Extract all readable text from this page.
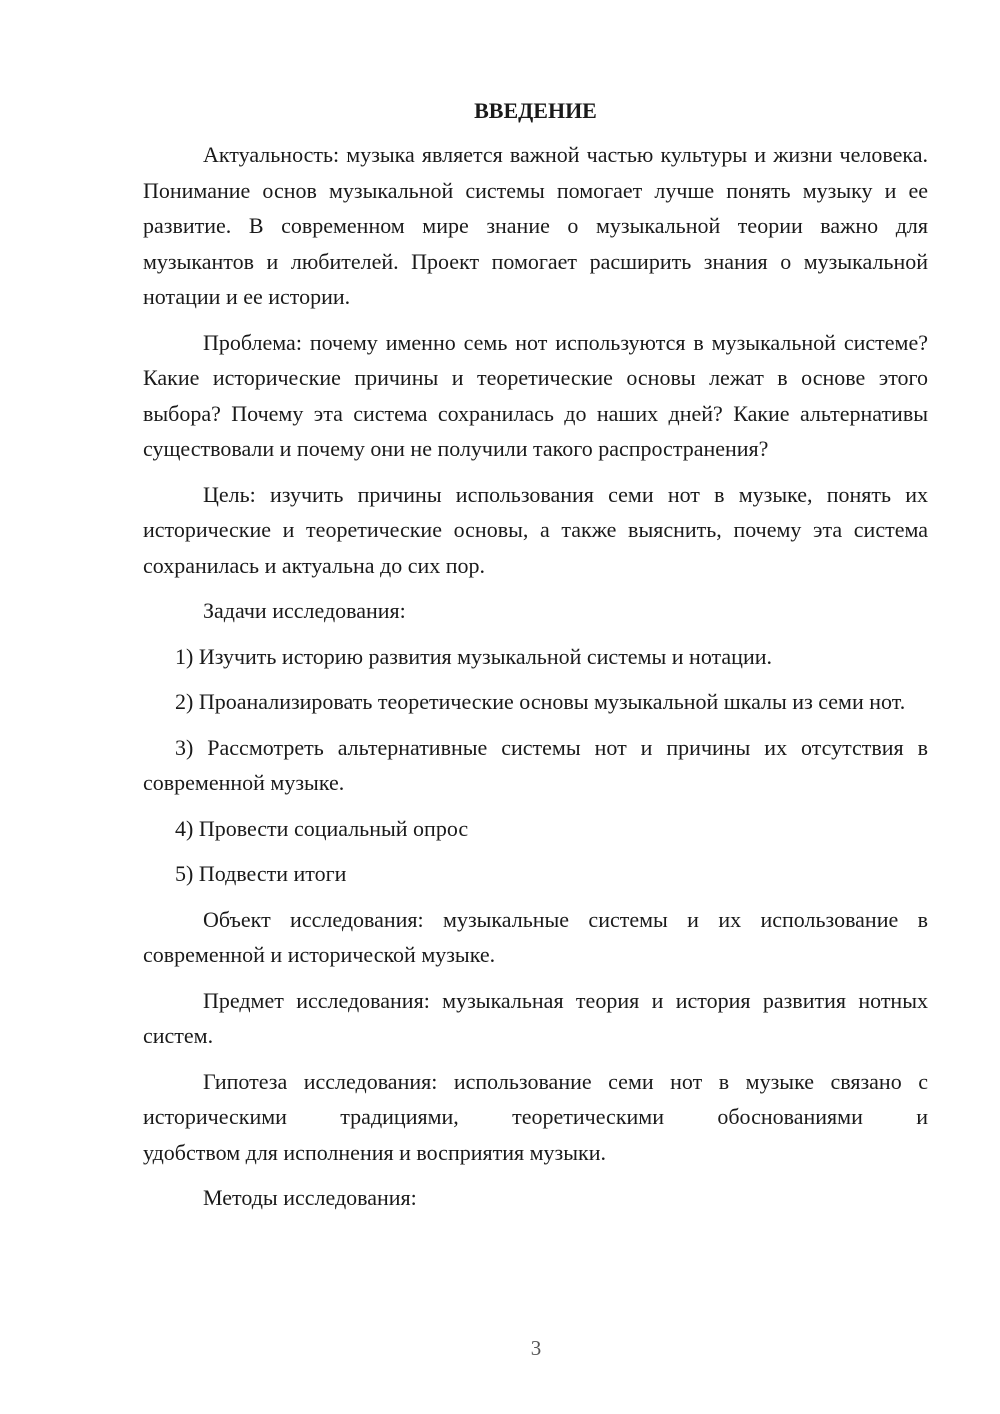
ВВЕДЕНИЕ

Актуальность: музыка является важной частью культуры и жизни человека. Понимание основ музыкальной системы помогает лучше понять музыку и ее развитие. В современном мире знание о музыкальной теории важно для музыкантов и любителей. Проект помогает расширить знания о музыкальной нотации и ее истории.

Проблема: почему именно семь нот используются в музыкальной системе? Какие исторические причины и теоретические основы лежат в основе этого выбора? Почему эта система сохранилась до наших дней? Какие альтернативы существовали и почему они не получили такого распространения?

Цель: изучить причины использования семи нот в музыке, понять их исторические и теоретические основы, а также выяснить, почему эта система сохранилась и актуальна до сих пор.

Задачи исследования:

1) Изучить историю развития музыкальной системы и нотации.

2) Проанализировать теоретические основы музыкальной шкалы из семи нот.

3) Рассмотреть альтернативные системы нот и причины их отсутствия в современной музыке.

4) Провести социальный опрос

5) Подвести итоги

Объект исследования: музыкальные системы и их использование в современной и исторической музыке.

Предмет исследования: музыкальная теория и история развития нотных систем.

Гипотеза исследования: использование семи нот в музыке связано с историческими традициями, теоретическими обоснованиями и
удобством для исполнения и восприятия музыки.

Методы исследования:

3
